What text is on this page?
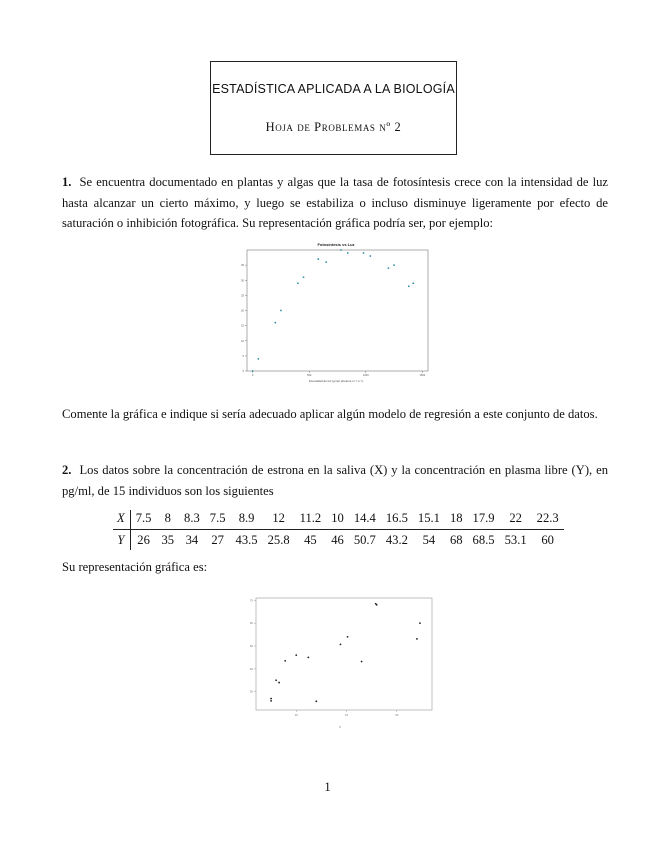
ESTADÍSTICA APLICADA A LA BIOLOGÍA
Hoja de Problemas nº 2
1. Se encuentra documentado en plantas y algas que la tasa de fotosíntesis crece con la intensidad de luz hasta alcanzar un cierto máximo, y luego se estabiliza o incluso disminuye ligeramente por efecto de saturación o inhibición fotográfica. Su representación gráfica podría ser, por ejemplo:
Fotosíntesis vs Luz
0
5
10
15
20
25
30
35
0	500	1000	1500
Intensidad de luz (µmol photons m⁻² s⁻¹)
Comente la gráfica e indique si sería adecuado aplicar algún modelo de regresión a este conjunto de datos.
2. Los datos sobre la concentración de estrona en la saliva (X) y la concentración en plasma libre (Y), en pg/ml, de 15 individuos son los siguientes
X	7.5	8	8.3	7.5	8.9	12	11.2	10	14.4	16.5	15.1	18	17.9	22	22.3
Y	26	35	34	27	43.5	25.8	45	46	50.7	43.2	54	68	68.5	53.1	60
Su representación gráfica es:
30
40
50
60
70
10	15	20
x
1
